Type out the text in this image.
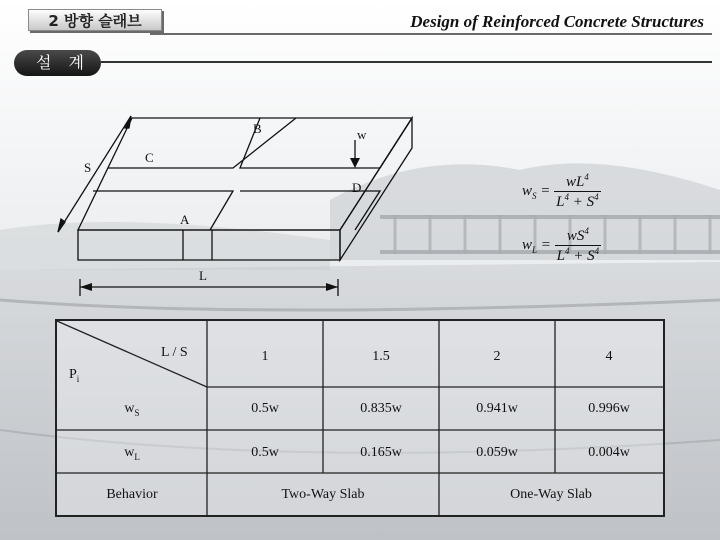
2 방향 슬래브	Design of Reinforced Concrete Structures
설 계
B	w
C
S
D
A
L
$w_S = \frac{wL^4}{L^4 + S^4}$
$w_L = \frac{wS^4}{L^4 + S^4}$
L / S
$P_i$
1	1.5	2	4
$w_S$	0.5w	0.835w	0.941w	0.996w
$w_L$	0.5w	0.165w	0.059w	0.004w
Behavior	Two-Way Slab	One-Way Slab
